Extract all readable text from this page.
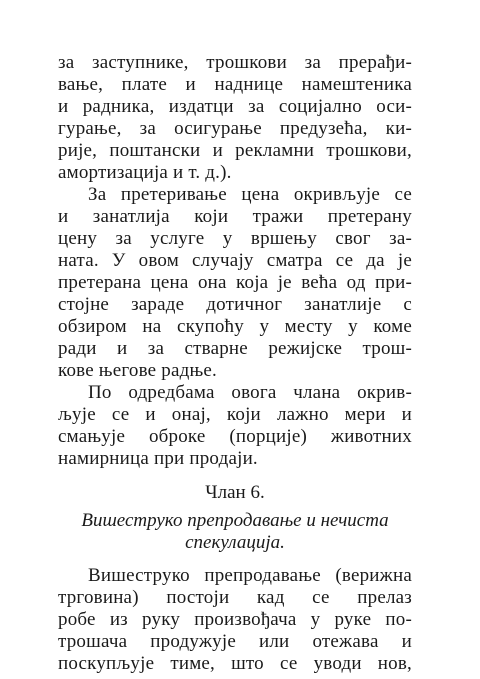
за заступнике, трошкови за прерађи-
вање, плате и наднице намештеника
и радника, издатци за социјално оси-
гурање, за осигурање предузећа, ки-
рије, поштански и рекламни трошкови,
амортизација и т. д.).
За претеривање цена окривљује се
и занатлија који тражи претерану
цену за услуге у вршењу свог за-
ната. У овом случају сматра се да је
претерана цена она која је већа од при-
стојне зараде дотичног занатлије с
обзиром на скупоћу у месту у коме
ради и за стварне режијске трош-
кове његове радње.
По одредбама овога члана окрив-
љује се и онај, који лажно мери и
смањује оброке (порције) животних
намирница при продаји.
Члан 6.
Вишеструко препродавање и нечиста
спекулација.
Вишеструко препродавање (верижна
трговина) постоји кад се прелаз
робе из руку произвођача у руке по-
трошача продужује или отежава и
поскупљује тиме, што се уводи нов,
